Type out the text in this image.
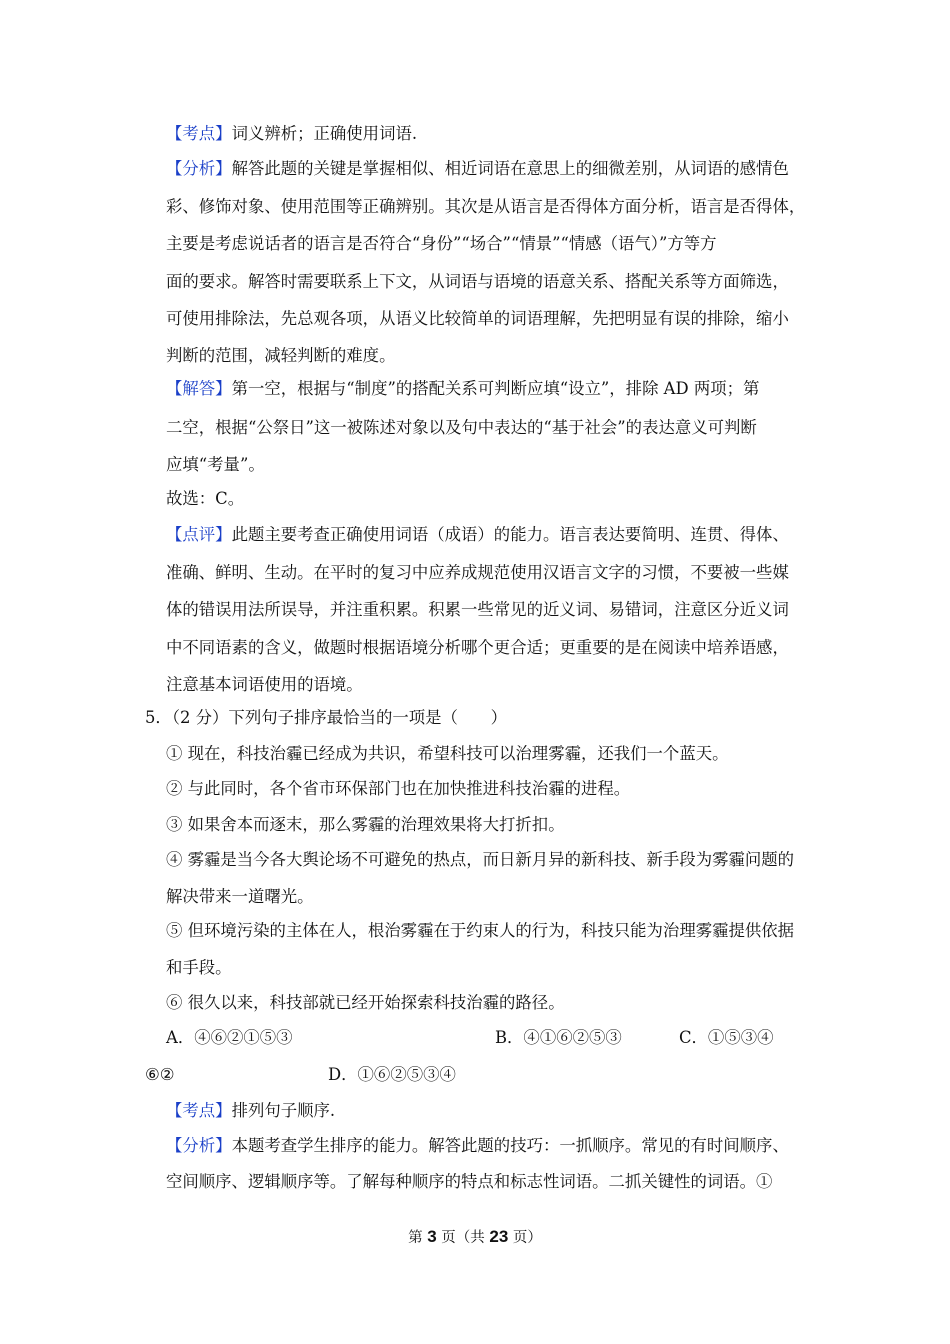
【考点】词义辨析；正确使用词语.
【分析】解答此题的关键是掌握相似、相近词语在意思上的细微差别，从词语的感情色
彩、修饰对象、使用范围等正确辨别。其次是从语言是否得体方面分析，语言是否得体，
主要是考虑说话者的语言是否符合“身份”“场合”“情景”“情感（语气）”方等方
面的要求。解答时需要联系上下文，从词语与语境的语意关系、搭配关系等方面筛选，
可使用排除法，先总观各项，从语义比较简单的词语理解，先把明显有误的排除，缩小
判断的范围，减轻判断的难度。
【解答】第一空，根据与“制度”的搭配关系可判断应填“设立”，排除 AD 两项；第
二空，根据“公祭日”这一被陈述对象以及句中表达的“基于社会”的表达意义可判断
应填“考量”。
故选：C。
【点评】此题主要考查正确使用词语（成语）的能力。语言表达要简明、连贯、得体、
准确、鲜明、生动。在平时的复习中应养成规范使用汉语言文字的习惯，不要被一些媒
体的错误用法所误导，并注重积累。积累一些常见的近义词、易错词，注意区分近义词
中不同语素的含义，做题时根据语境分析哪个更合适；更重要的是在阅读中培养语感，
注意基本词语使用的语境。
5．（2 分）下列句子排序最恰当的一项是（　　）
① 现在，科技治霾已经成为共识，希望科技可以治理雾霾，还我们一个蓝天。
② 与此同时，各个省市环保部门也在加快推进科技治霾的进程。
③ 如果舍本而逐末，那么雾霾的治理效果将大打折扣。
④ 雾霾是当今各大舆论场不可避免的热点，而日新月异的新科技、新手段为雾霾问题的
解决带来一道曙光。
⑤ 但环境污染的主体在人，根治雾霾在于约束人的行为，科技只能为治理雾霾提供依据
和手段。
⑥ 很久以来，科技部就已经开始探索科技治霾的路径。
A．④⑥②①⑤③	B．④①⑥②⑤③	C．①⑤③④
⑥②	D．①⑥②⑤③④
【考点】排列句子顺序.
【分析】本题考查学生排序的能力。解答此题的技巧：一抓顺序。常见的有时间顺序、
空间顺序、逻辑顺序等。了解每种顺序的特点和标志性词语。二抓关键性的词语。①
第 3 页（共 23 页）
